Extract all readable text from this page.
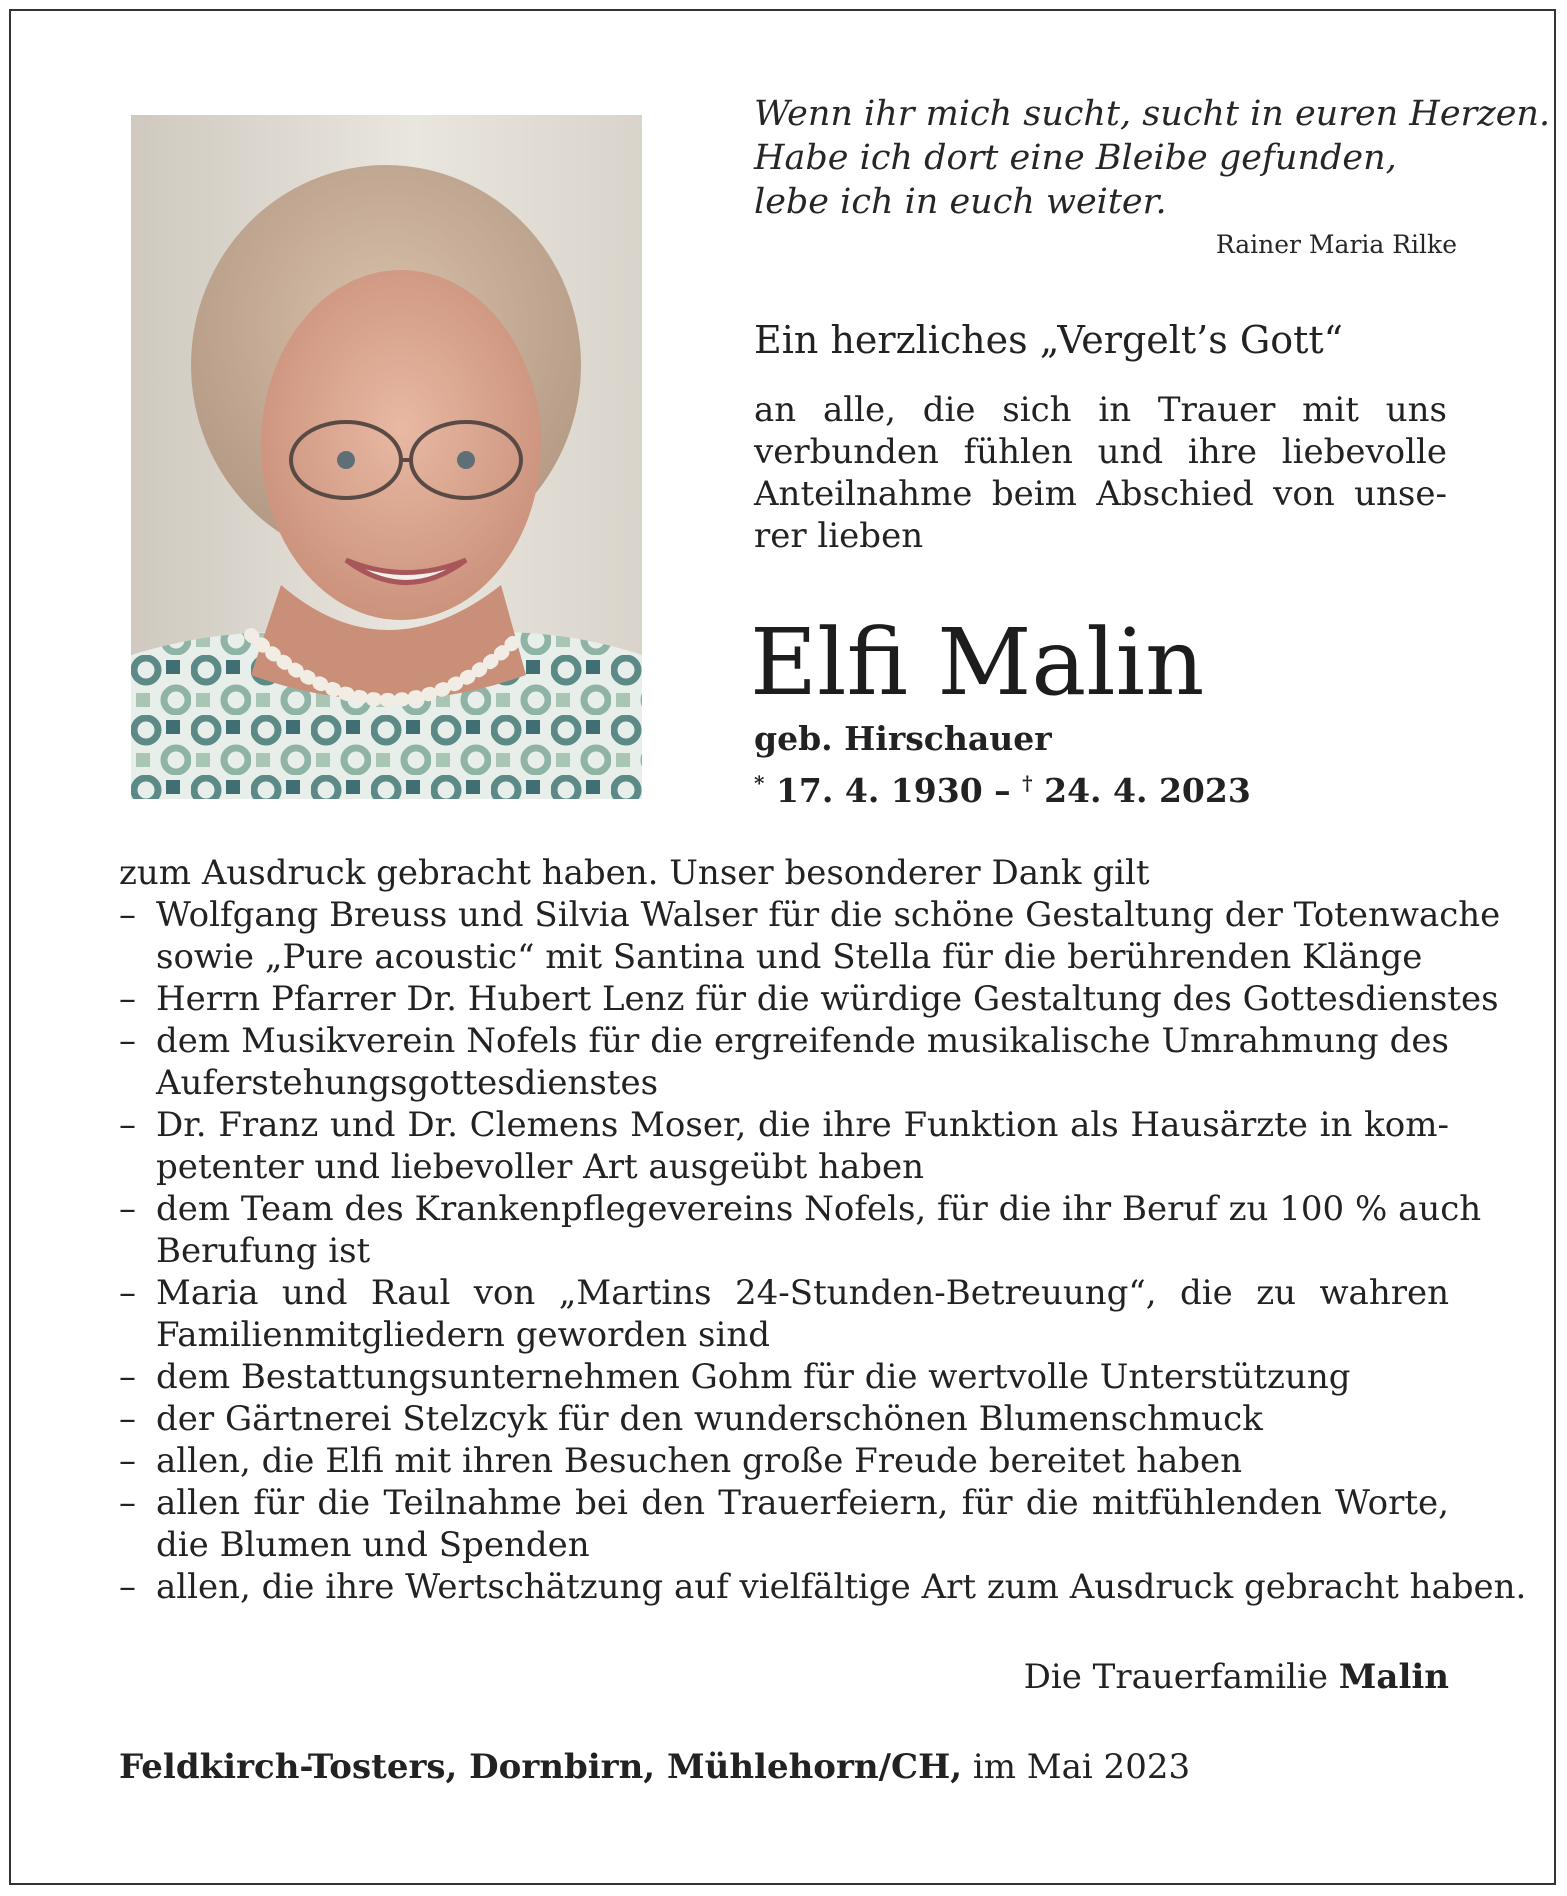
Wenn ihr mich sucht, sucht in euren Herzen.
Habe ich dort eine Bleibe gefunden,
lebe ich in euch weiter.
Rainer Maria Rilke
Ein herzliches „Vergelt’s Gott“
an alle, die sich in Trauer mit uns
verbunden fühlen und ihre liebevolle
Anteilnahme beim Abschied von unse-
rer lieben
Elfi Malin
geb. Hirschauer
* 17. 4. 1930 – † 24. 4. 2023
zum Ausdruck gebracht haben. Unser besonderer Dank gilt
– Wolfgang Breuss und Silvia Walser für die schöne Gestaltung der Totenwache
sowie „Pure acoustic“ mit Santina und Stella für die berührenden Klänge
– Herrn Pfarrer Dr. Hubert Lenz für die würdige Gestaltung des Gottesdienstes
– dem Musikverein Nofels für die ergreifende musikalische Umrahmung des
Auferstehungsgottesdienstes
– Dr. Franz und Dr. Clemens Moser, die ihre Funktion als Hausärzte in kom-
petenter und liebevoller Art ausgeübt haben
– dem Team des Krankenpflegevereins Nofels, für die ihr Beruf zu 100 % auch
Berufung ist
– Maria und Raul von „Martins 24-Stunden-Betreuung“, die zu wahren
Familienmitgliedern geworden sind
– dem Bestattungsunternehmen Gohm für die wertvolle Unterstützung
– der Gärtnerei Stelzcyk für den wunderschönen Blumenschmuck
– allen, die Elfi mit ihren Besuchen große Freude bereitet haben
– allen für die Teilnahme bei den Trauerfeiern, für die mitfühlenden Worte,
die Blumen und Spenden
– allen, die ihre Wertschätzung auf vielfältige Art zum Ausdruck gebracht haben.
Die Trauerfamilie Malin
Feldkirch-Tosters, Dornbirn, Mühlehorn/CH, im Mai 2023
